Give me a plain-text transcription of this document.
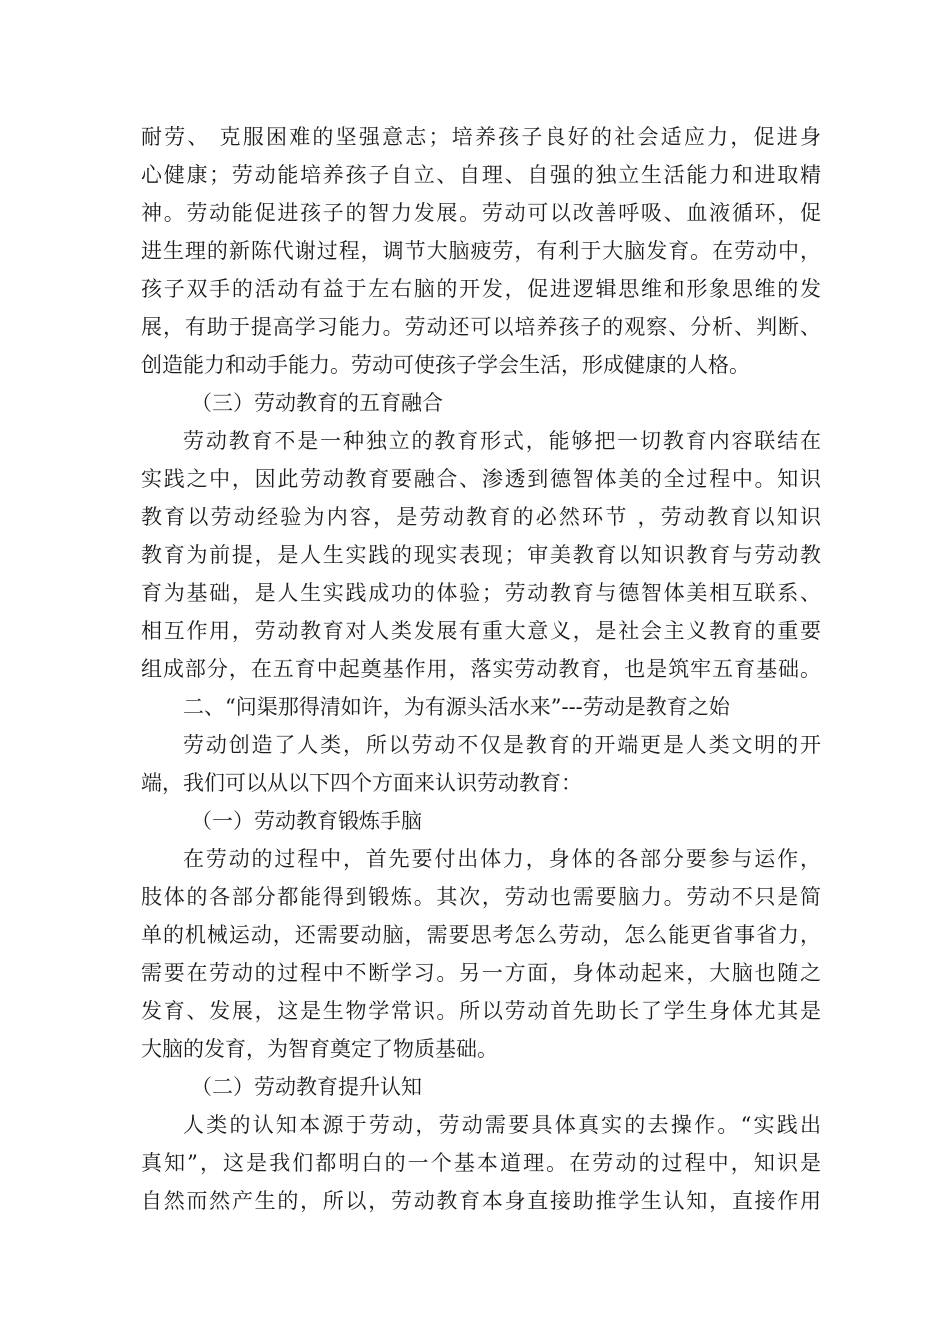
耐劳、 克服困难的坚强意志；培养孩子良好的社会适应力，促进身
心健康；劳动能培养孩子自立、自理、自强的独立生活能力和进取精
神。劳动能促进孩子的智力发展。劳动可以改善呼吸、血液循环，促
进生理的新陈代谢过程，调节大脑疲劳，有利于大脑发育。在劳动中，
孩子双手的活动有益于左右脑的开发，促进逻辑思维和形象思维的发
展，有助于提高学习能力。劳动还可以培养孩子的观察、分析、判断、
创造能力和动手能力。劳动可使孩子学会生活，形成健康的人格。
（三）劳动教育的五育融合
劳动教育不是一种独立的教育形式，能够把一切教育内容联结在
实践之中，因此劳动教育要融合、渗透到德智体美的全过程中。知识
教育以劳动经验为内容，是劳动教育的必然环节 ，劳动教育以知识
教育为前提，是人生实践的现实表现；审美教育以知识教育与劳动教
育为基础，是人生实践成功的体验；劳动教育与德智体美相互联系、
相互作用，劳动教育对人类发展有重大意义，是社会主义教育的重要
组成部分，在五育中起奠基作用，落实劳动教育，也是筑牢五育基础。
二、“问渠那得清如许，为有源头活水来”---劳动是教育之始
劳动创造了人类，所以劳动不仅是教育的开端更是人类文明的开
端，我们可以从以下四个方面来认识劳动教育：
（一）劳动教育锻炼手脑
在劳动的过程中，首先要付出体力，身体的各部分要参与运作，
肢体的各部分都能得到锻炼。其次，劳动也需要脑力。劳动不只是简
单的机械运动，还需要动脑，需要思考怎么劳动，怎么能更省事省力，
需要在劳动的过程中不断学习。另一方面，身体动起来，大脑也随之
发育、发展，这是生物学常识。所以劳动首先助长了学生身体尤其是
大脑的发育，为智育奠定了物质基础。
（二）劳动教育提升认知
人类的认知本源于劳动，劳动需要具体真实的去操作。“实践出
真知”，这是我们都明白的一个基本道理。在劳动的过程中，知识是
自然而然产生的，所以，劳动教育本身直接助推学生认知，直接作用
